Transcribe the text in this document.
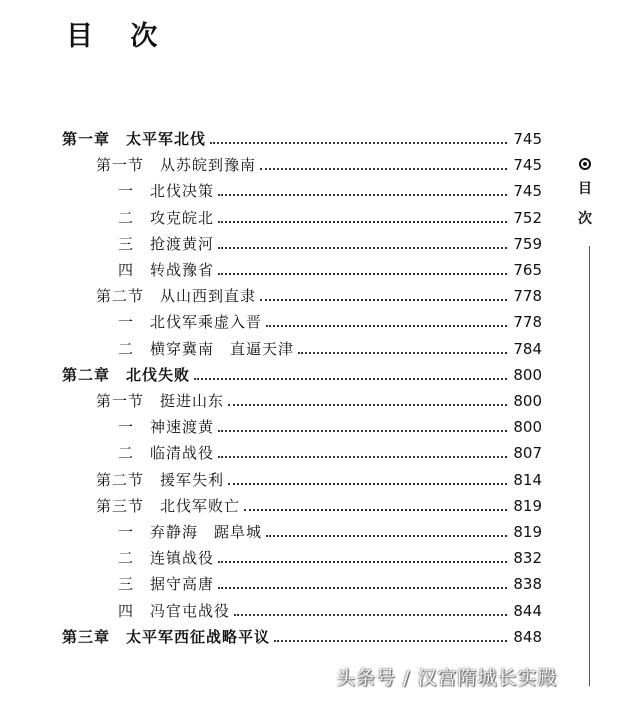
目 次
第一章　太平军北伐	745
第一节　从苏皖到豫南	745
一　北伐决策	745
二　攻克皖北	752
三　抢渡黄河	759
四　转战豫省	765
第二节　从山西到直隶	778
一　北伐军乘虚入晋	778
二　横穿冀南　直逼天津	784
第二章　北伐失败	800
第一节　挺进山东	800
一　神速渡黄	800
二　临清战役	807
第二节　援军失利	814
第三节　北伐军败亡	819
一　弃静海　踞阜城	819
二　连镇战役	832
三　据守高唐	838
四　冯官屯战役	844
第三章　太平军西征战略平议	848
目
次
头条号 / 汉宫隋城长实殿
